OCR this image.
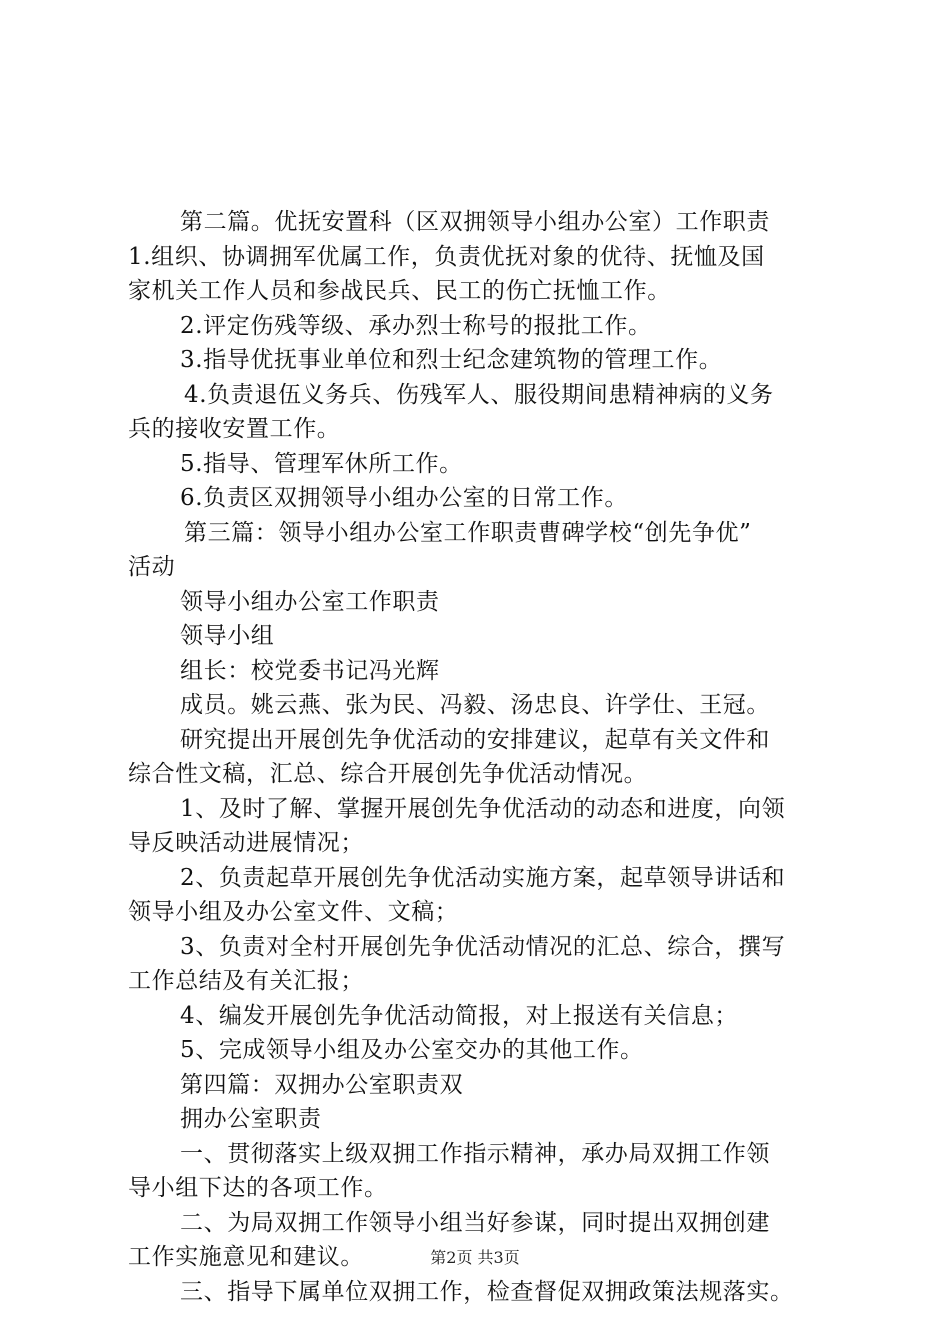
第二篇。优抚安置科（区双拥领导小组办公室）工作职责
1.组织、协调拥军优属工作，负责优抚对象的优待、抚恤及国
家机关工作人员和参战民兵、民工的伤亡抚恤工作。
2.评定伤残等级、承办烈士称号的报批工作。
3.指导优抚事业单位和烈士纪念建筑物的管理工作。
4.负责退伍义务兵、伤残军人、服役期间患精神病的义务
兵的接收安置工作。
5.指导、管理军休所工作。
6.负责区双拥领导小组办公室的日常工作。
第三篇：领导小组办公室工作职责曹碑学校“创先争优”
活动
领导小组办公室工作职责
领导小组
组长：校党委书记冯光辉
成员。姚云燕、张为民、冯毅、汤忠良、许学仕、王冠。
研究提出开展创先争优活动的安排建议，起草有关文件和
综合性文稿，汇总、综合开展创先争优活动情况。
1、及时了解、掌握开展创先争优活动的动态和进度，向领
导反映活动进展情况；
2、负责起草开展创先争优活动实施方案，起草领导讲话和
领导小组及办公室文件、文稿；
3、负责对全村开展创先争优活动情况的汇总、综合，撰写
工作总结及有关汇报；
4、编发开展创先争优活动简报，对上报送有关信息；
5、完成领导小组及办公室交办的其他工作。
第四篇：双拥办公室职责双
拥办公室职责
一、贯彻落实上级双拥工作指示精神，承办局双拥工作领
导小组下达的各项工作。
二、为局双拥工作领导小组当好参谋，同时提出双拥创建
工作实施意见和建议。
三、指导下属单位双拥工作，检查督促双拥政策法规落实。
第2页 共3页
